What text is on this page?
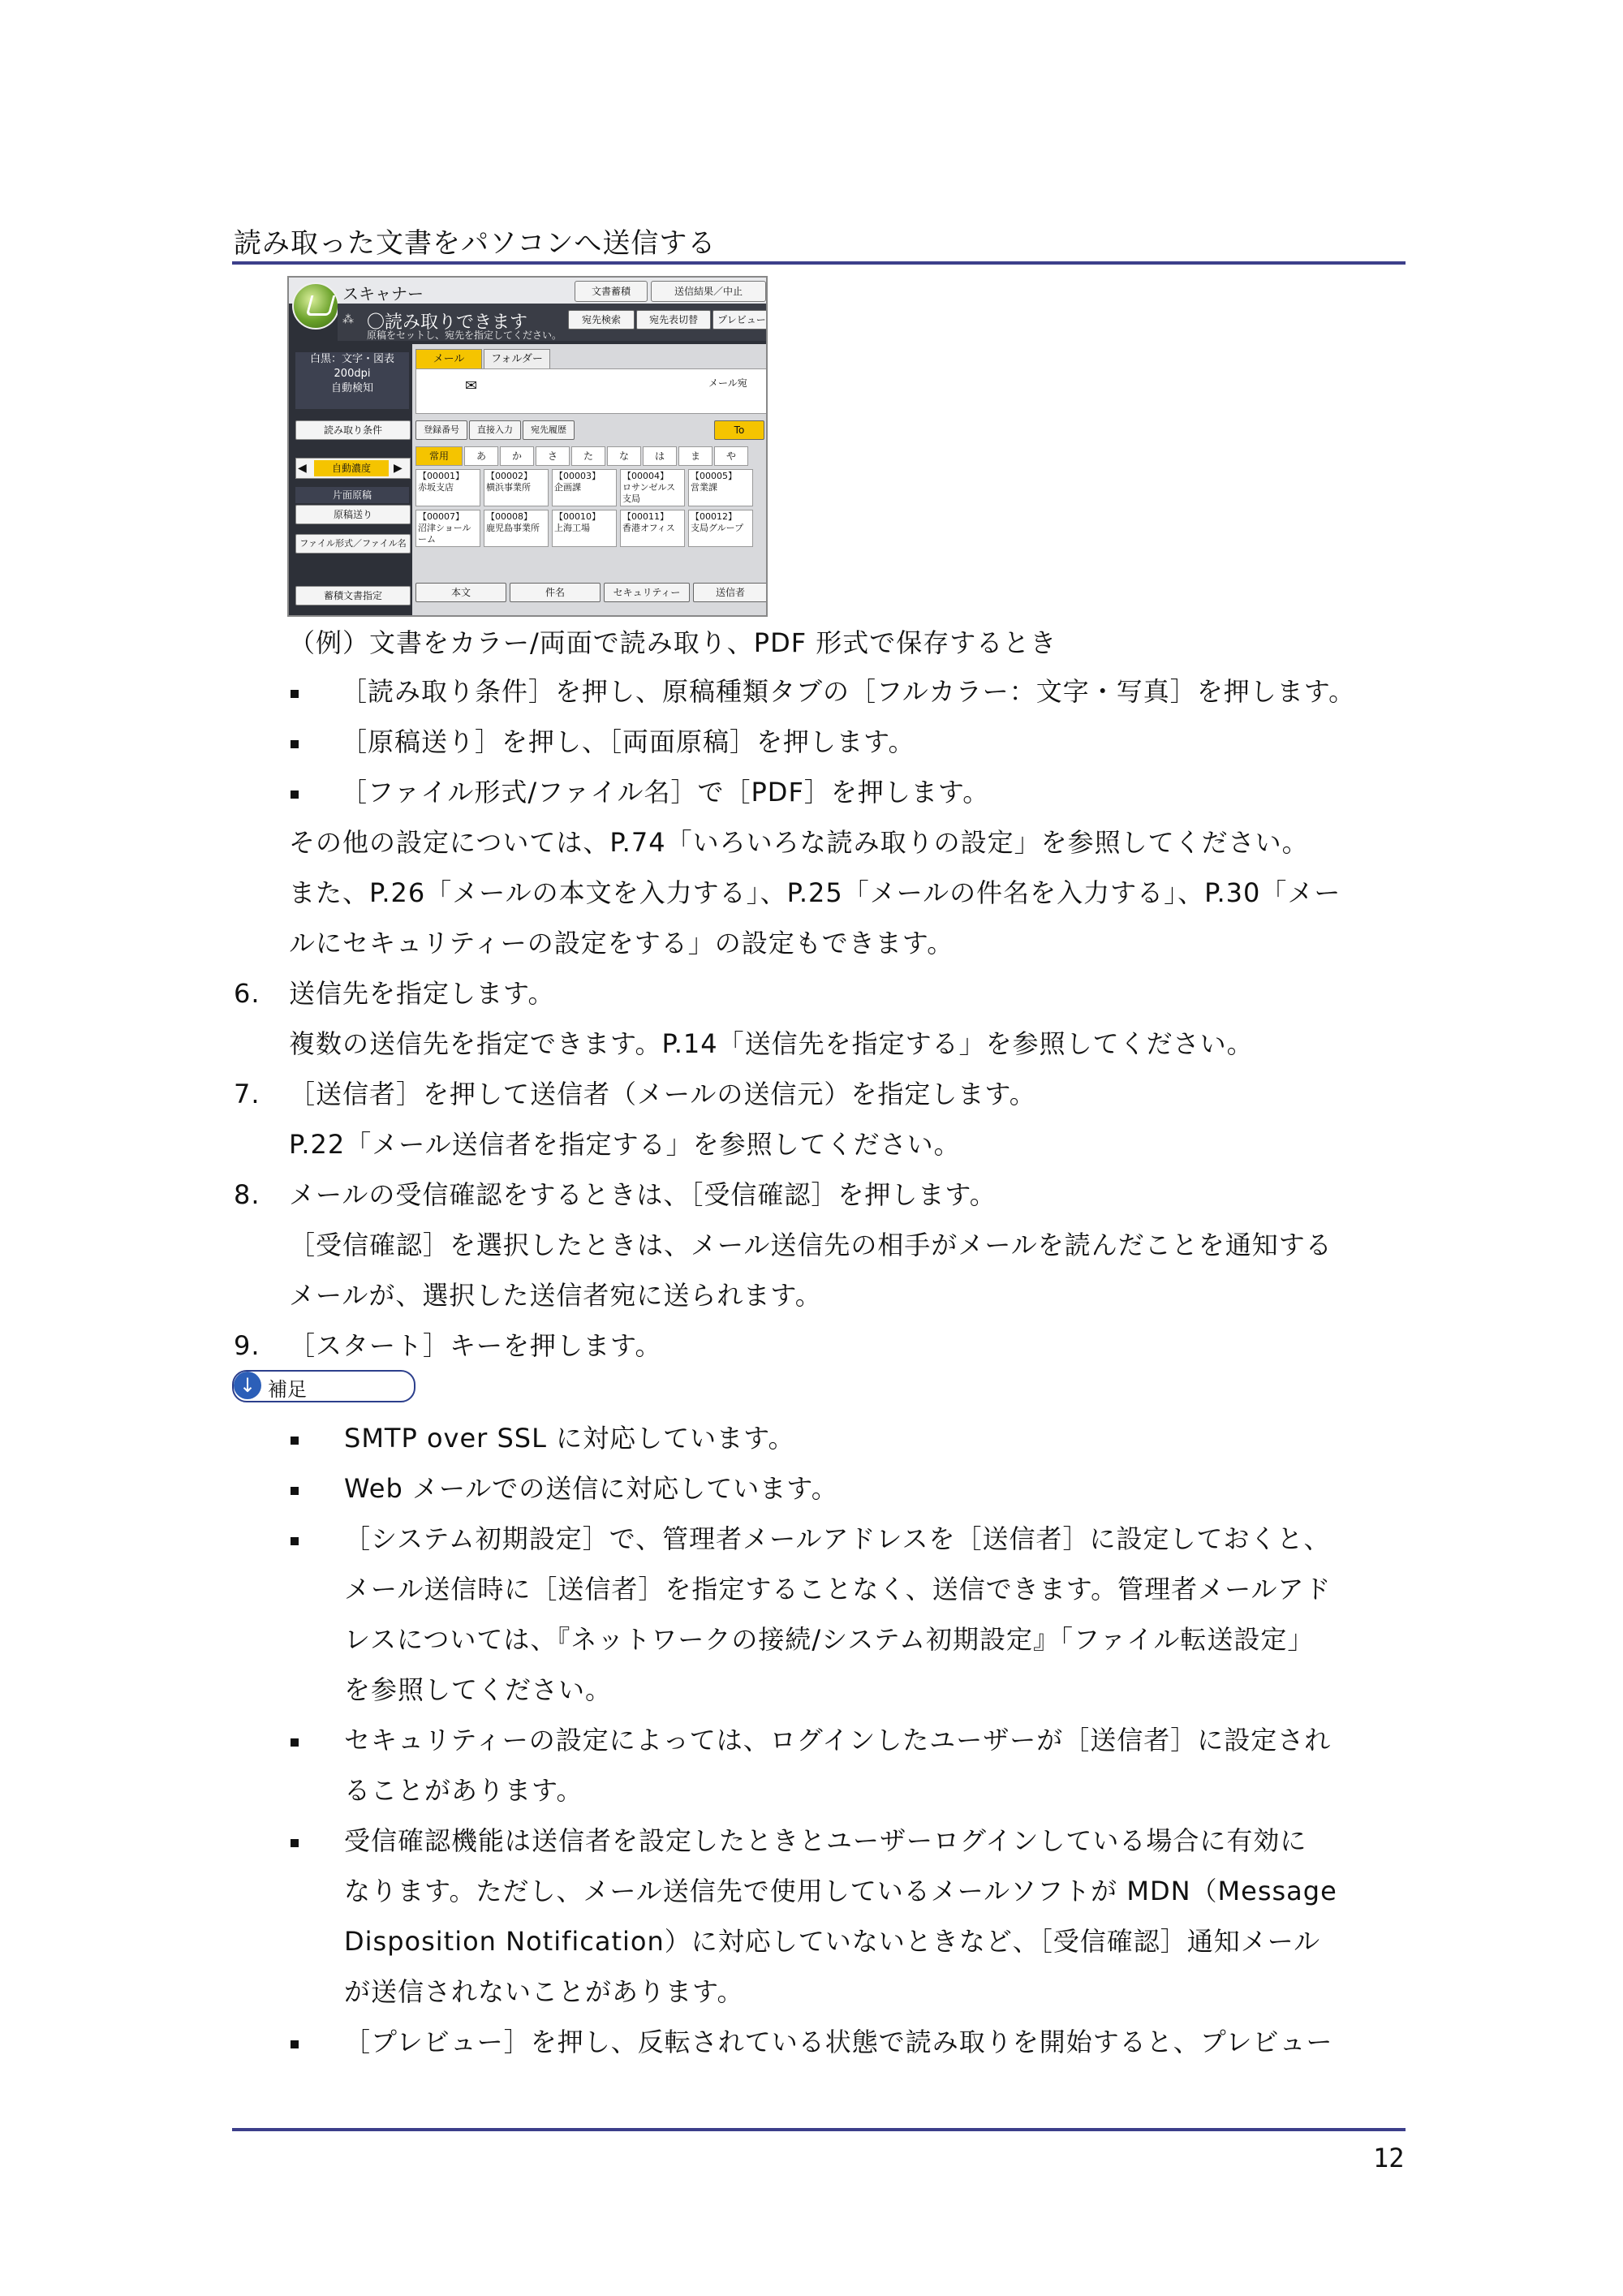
読み取った文書をパソコンへ送信する
スキャナー	文書蓄積	送信結果／中止
⁂ 〇読み取りできます
原稿をセットし、宛先を指定してください。
宛先検索	宛先表切替	プレビュー
白黒：文字・図表
200dpi
自動検知
読み取り条件
◀	自動濃度	▶
片面原稿
原稿送り
ファイル形式／ファイル名
蓄積文書指定
メール	フォルダー
✉	メール宛
登録番号	直接入力	宛先履歴	To
常用	あ	か	さ	た	な	は	ま	や
【00001】
赤坂支店
【00002】
横浜事業所
【00003】
企画課
【00004】
ロサンゼルス支局
【00005】
営業課
【00007】
沼津ショールーム
【00008】
鹿児島事業所
【00010】
上海工場
【00011】
香港オフィス
【00012】
支局グループ
本文	件名	セキュリティー	送信者
（例）文書をカラー/両面で読み取り、PDF 形式で保存するとき
［読み取り条件］を押し、原稿種類タブの［フルカラー：文字・写真］を押します。
［原稿送り］を押し、［両面原稿］を押します。
［ファイル形式/ファイル名］で［PDF］を押します。
その他の設定については、P.74「いろいろな読み取りの設定」を参照してください。
また、P.26「メールの本文を入力する」、P.25「メールの件名を入力する」、P.30「メー
ルにセキュリティーの設定をする」の設定もできます。
6. 送信先を指定します。
複数の送信先を指定できます。P.14「送信先を指定する」を参照してください。
7. ［送信者］を押して送信者（メールの送信元）を指定します。
P.22「メール送信者を指定する」を参照してください。
8. メールの受信確認をするときは、［受信確認］を押します。
［受信確認］を選択したときは、メール送信先の相手がメールを読んだことを通知する
メールが、選択した送信者宛に送られます。
9. ［スタート］キーを押します。
↓ 補足
SMTP over SSL に対応しています。
Web メールでの送信に対応しています。
［システム初期設定］で、管理者メールアドレスを［送信者］に設定しておくと、
メール送信時に［送信者］を指定することなく、送信できます。管理者メールアド
レスについては、『ネットワークの接続/システム初期設定』「ファイル転送設定」
を参照してください。
セキュリティーの設定によっては、ログインしたユーザーが［送信者］に設定され
ることがあります。
受信確認機能は送信者を設定したときとユーザーログインしている場合に有効に
なります。ただし、メール送信先で使用しているメールソフトが MDN（Message
Disposition Notification）に対応していないときなど、［受信確認］通知メール
が送信されないことがあります。
［プレビュー］を押し、反転されている状態で読み取りを開始すると、プレビュー
12
